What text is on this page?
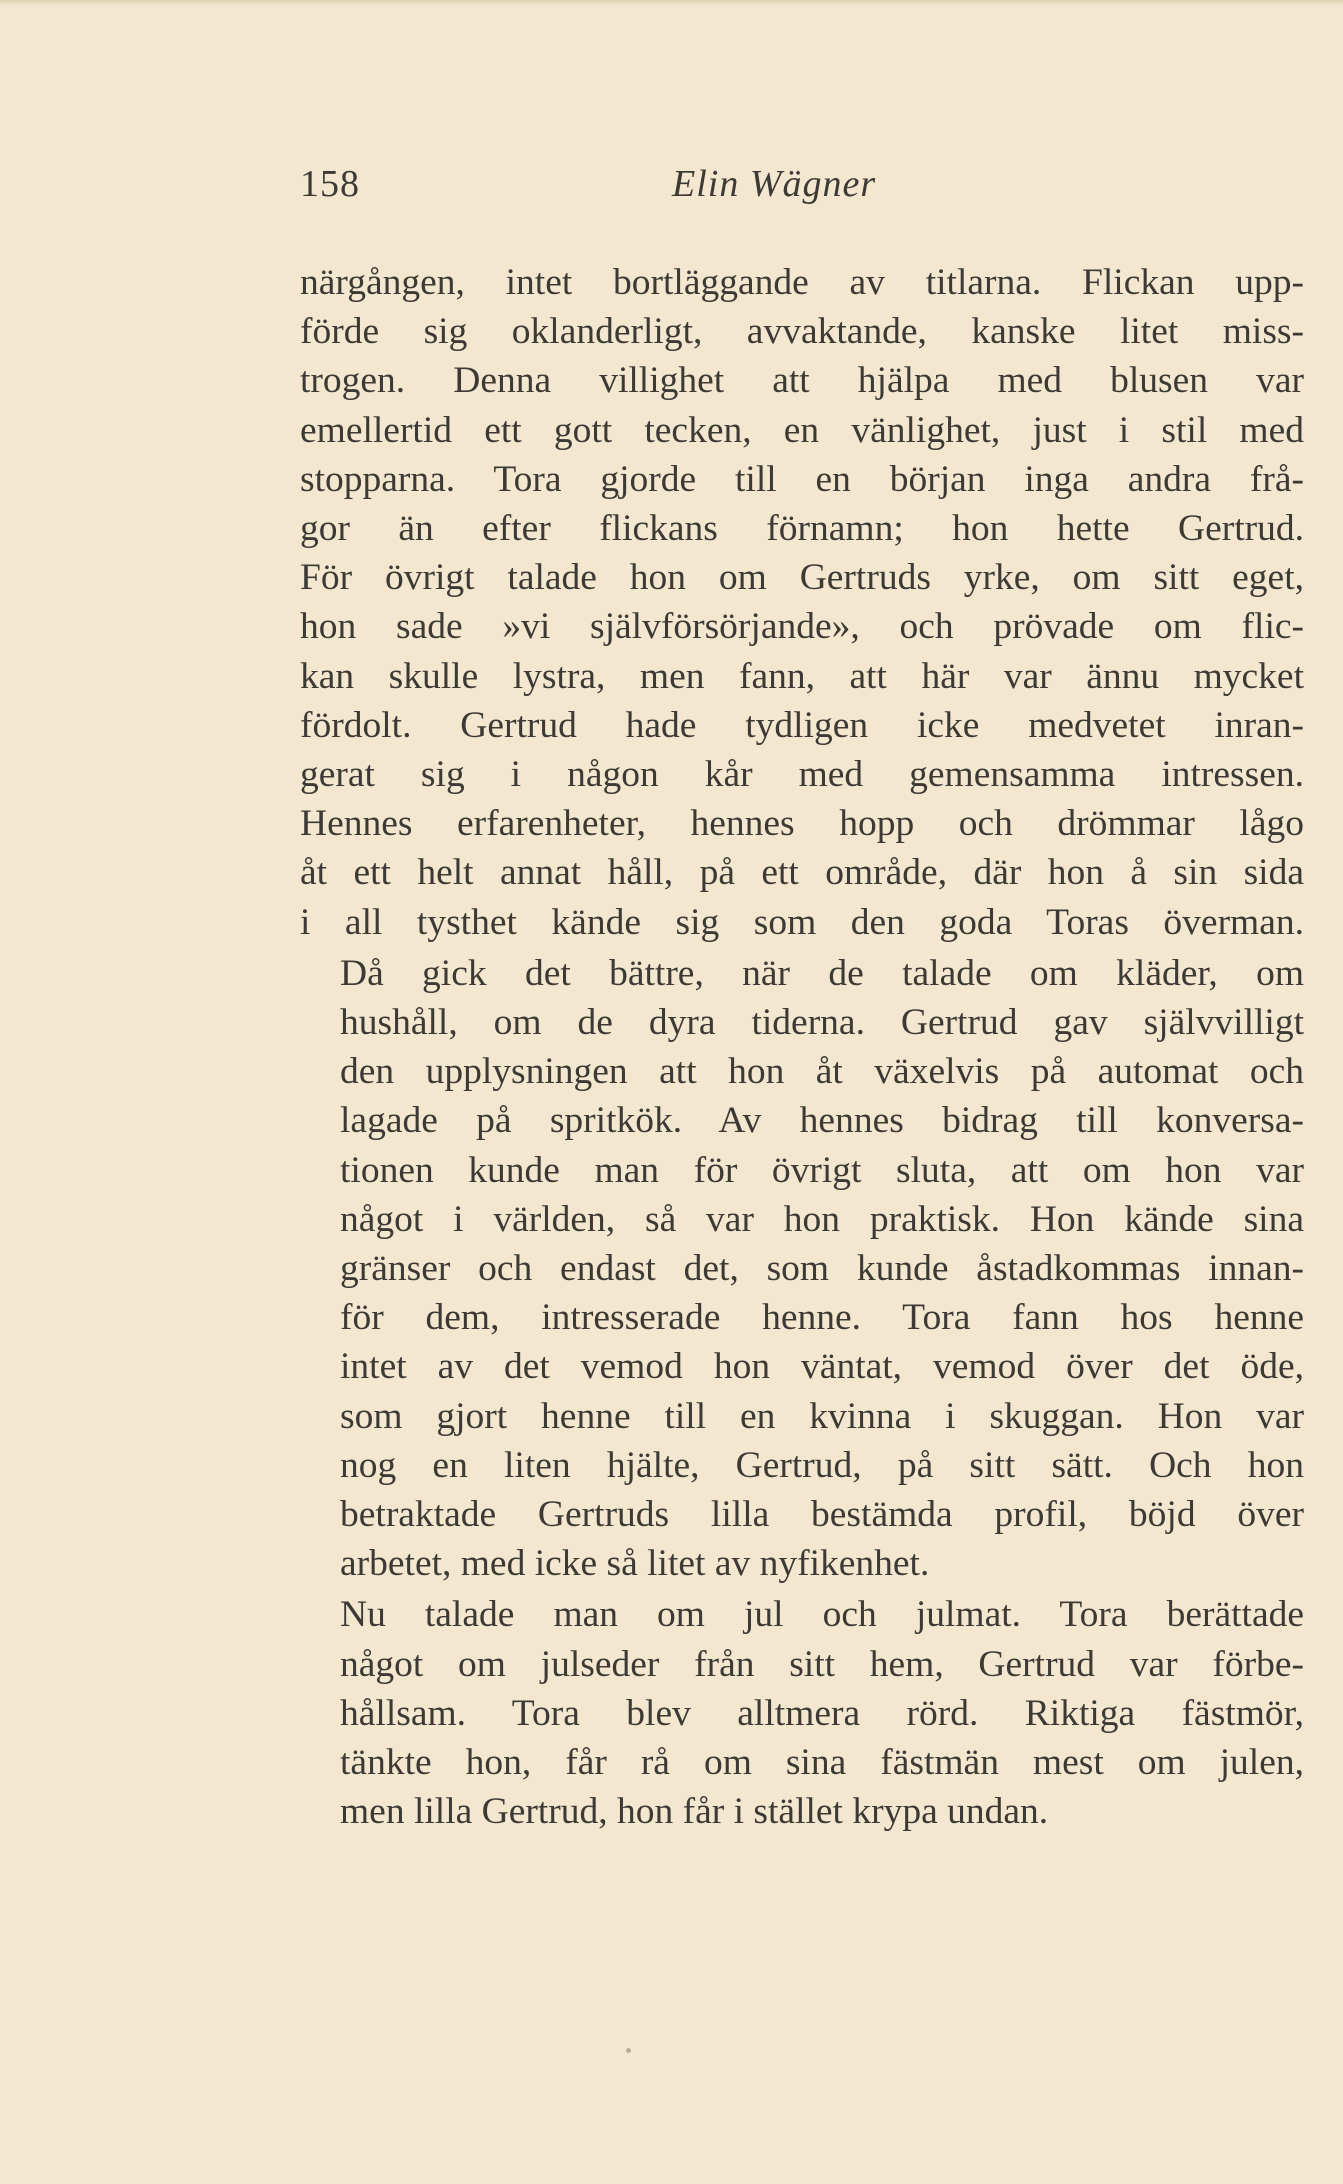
158	Elin Wägner
närgången, intet bortläggande av titlarna. Flickan upp-
förde sig oklanderligt, avvaktande, kanske litet miss-
trogen. Denna villighet att hjälpa med blusen var
emellertid ett gott tecken, en vänlighet, just i stil med
stopparna. Tora gjorde till en början inga andra frå-
gor än efter flickans förnamn; hon hette Gertrud.
För övrigt talade hon om Gertruds yrke, om sitt eget,
hon sade »vi självförsörjande», och prövade om flic-
kan skulle lystra, men fann, att här var ännu mycket
fördolt. Gertrud hade tydligen icke medvetet inran-
gerat sig i någon kår med gemensamma intressen.
Hennes erfarenheter, hennes hopp och drömmar lågo
åt ett helt annat håll, på ett område, där hon å sin sida
i all tysthet kände sig som den goda Toras överman.
Då gick det bättre, när de talade om kläder, om
hushåll, om de dyra tiderna. Gertrud gav självvilligt
den upplysningen att hon åt växelvis på automat och
lagade på spritkök. Av hennes bidrag till konversa-
tionen kunde man för övrigt sluta, att om hon var
något i världen, så var hon praktisk. Hon kände sina
gränser och endast det, som kunde åstadkommas innan-
för dem, intresserade henne. Tora fann hos henne
intet av det vemod hon väntat, vemod över det öde,
som gjort henne till en kvinna i skuggan. Hon var
nog en liten hjälte, Gertrud, på sitt sätt. Och hon
betraktade Gertruds lilla bestämda profil, böjd över
arbetet, med icke så litet av nyfikenhet.
Nu talade man om jul och julmat. Tora berättade
något om julseder från sitt hem, Gertrud var förbe-
hållsam. Tora blev alltmera rörd. Riktiga fästmör,
tänkte hon, får rå om sina fästmän mest om julen,
men lilla Gertrud, hon får i stället krypa undan.
